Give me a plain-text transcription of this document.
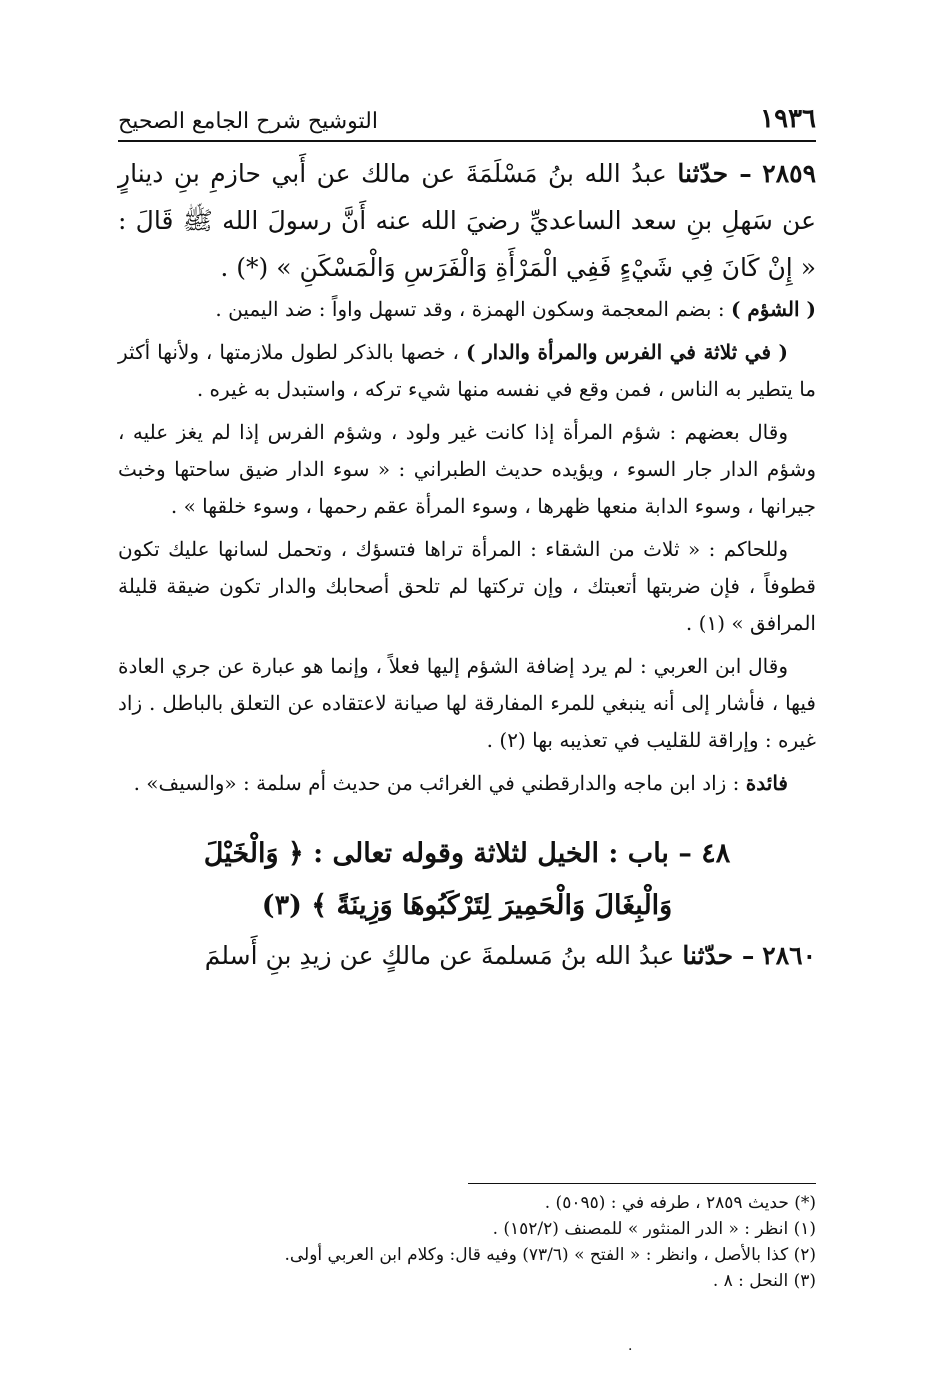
١٩٣٦
التوشيح شرح الجامع الصحيح

٢٨٥٩ – حدّثنا عبدُ الله بنُ مَسْلَمَةَ عن مالك عن أَبي حازمِ بنِ دينارٍ عن سَهلِ بنِ سعد الساعديِّ رضيَ الله عنه أَنَّ رسولَ الله ﷺ قَالَ : « إِنْ كَانَ فِي شَيْءٍ فَفِي الْمَرْأَةِ وَالْفَرَسِ وَالْمَسْكَنِ » (*) .

( الشؤم ) : بضم المعجمة وسكون الهمزة ، وقد تسهل واواً : ضد اليمين .

( في ثلاثة في الفرس والمرأة والدار ) ، خصها بالذكر لطول ملازمتها ، ولأنها أكثر ما يتطير به الناس ، فمن وقع في نفسه منها شيء تركه ، واستبدل به غيره .

وقال بعضهم : شؤم المرأة إذا كانت غير ولود ، وشؤم الفرس إذا لم يغز عليه ، وشؤم الدار جار السوء ، ويؤيده حديث الطبراني : « سوء الدار ضيق ساحتها وخبث جيرانها ، وسوء الدابة منعها ظهرها ، وسوء المرأة عقم رحمها ، وسوء خلقها » .

وللحاكم : « ثلاث من الشقاء : المرأة تراها فتسؤك ، وتحمل لسانها عليك تكون قطوفاً ، فإن ضربتها أتعبتك ، وإن تركتها لم تلحق أصحابك والدار تكون ضيقة قليلة المرافق » (١) .

وقال ابن العربي : لم يرد إضافة الشؤم إليها فعلاً ، وإنما هو عبارة عن جري العادة فيها ، فأشار إلى أنه ينبغي للمرء المفارقة لها صيانة لاعتقاده عن التعلق بالباطل . زاد غيره : وإراقة للقليب في تعذيبه بها (٢) .

فائدة : زاد ابن ماجه والدارقطني في الغرائب من حديث أم سلمة : «والسيف» .

٤٨ – باب : الخيل لثلاثة وقوله تعالى : ﴿ وَالْخَيْلَ
وَالْبِغَالَ وَالْحَمِيرَ لِتَرْكَبُوهَا وَزِينَةً ﴾ (٣)

٢٨٦٠ – حدّثنا عبدُ الله بنُ مَسلمةَ عن مالكٍ عن زيدِ بنِ أَسلمَ

(*) حديث ٢٨٥٩ ، طرفه في : (٥٠٩٥) .

(١) انظر : « الدر المنثور » للمصنف (١٥٢/٢) .

(٢) كذا بالأصل ، وانظر : « الفتح » (٧٣/٦) وفيه قال: وكلام ابن العربي أولى.

(٣) النحل : ٨ .

·
